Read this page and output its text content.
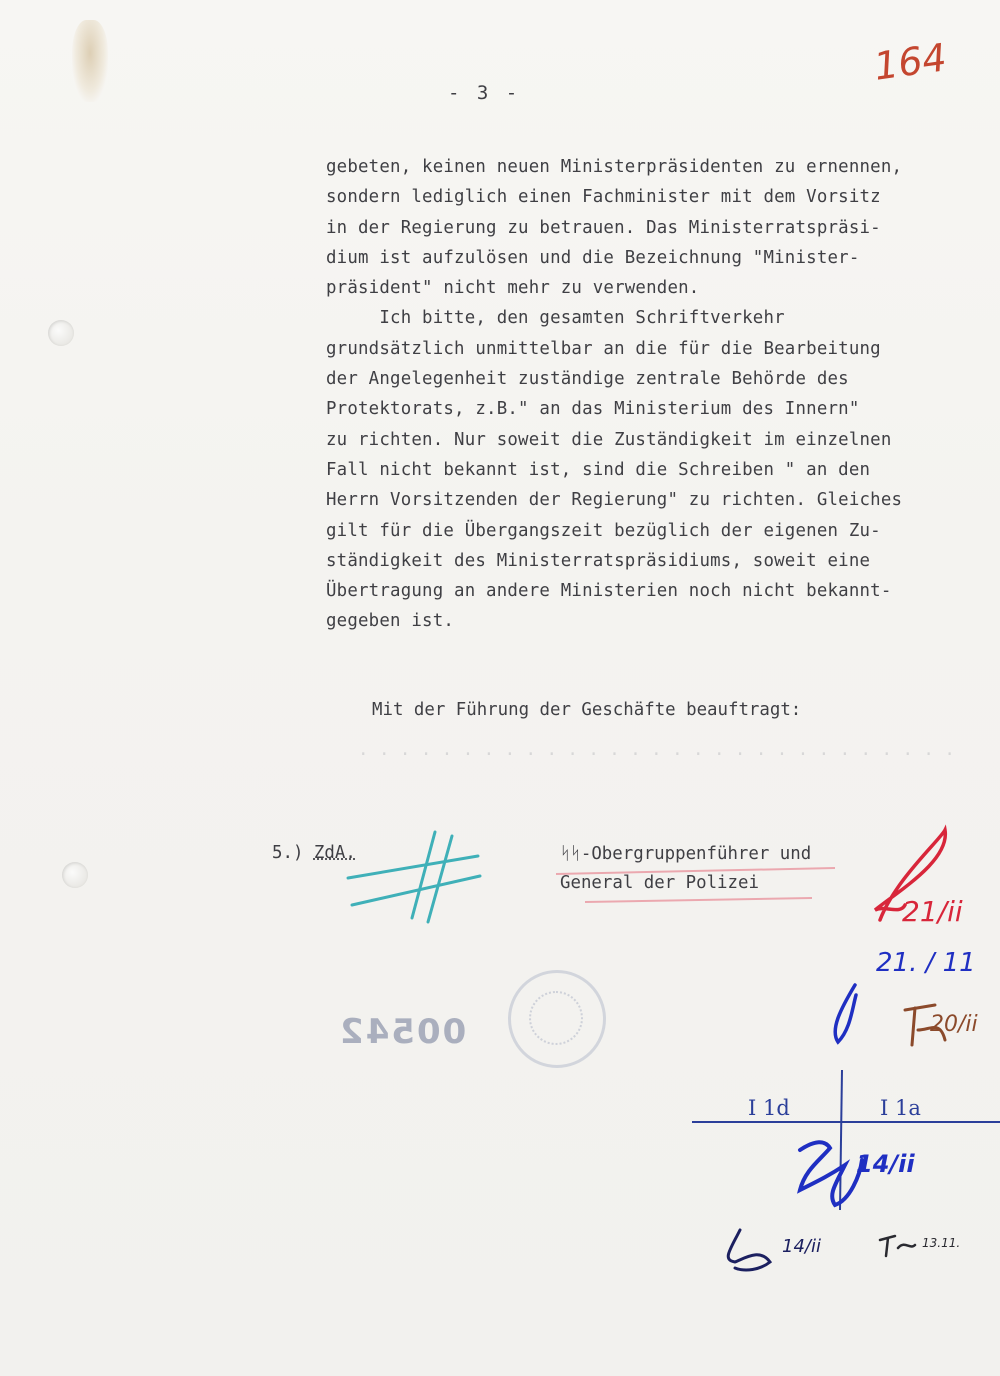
164
- 3 -
gebeten, keinen neuen Ministerpräsidenten zu ernennen,
sondern lediglich einen Fachminister mit dem Vorsitz
in der Regierung zu betrauen. Das Ministerratspräsi-
dium ist aufzulösen und die Bezeichnung "Minister-
präsident" nicht mehr zu verwenden.
Ich bitte, den gesamten Schriftverkehr
grundsätzlich unmittelbar an die für die Bearbeitung
der Angelegenheit zuständige zentrale Behörde des
Protektorats, z.B." an das Ministerium des Innern"
zu richten. Nur soweit die Zuständigkeit im einzelnen
Fall nicht bekannt ist, sind die Schreiben " an den
Herrn Vorsitzenden der Regierung" zu richten. Gleiches
gilt für die Übergangszeit bezüglich der eigenen Zu-
ständigkeit des Ministerratspräsidiums, soweit eine
Übertragung an andere Ministerien noch nicht bekannt-
gegeben ist.
Mit der Führung der Geschäfte beauftragt:
· · · · · · · · · · · · · · · · · · · · · · · · · · · · ·
5.) ZdA.	ᛋᛋ-Obergruppenführer und
General der Polizei
00542
I 1d	I 1a
21/ii
21. / 11
20/ii
14/ii
14/ii	13.11.
